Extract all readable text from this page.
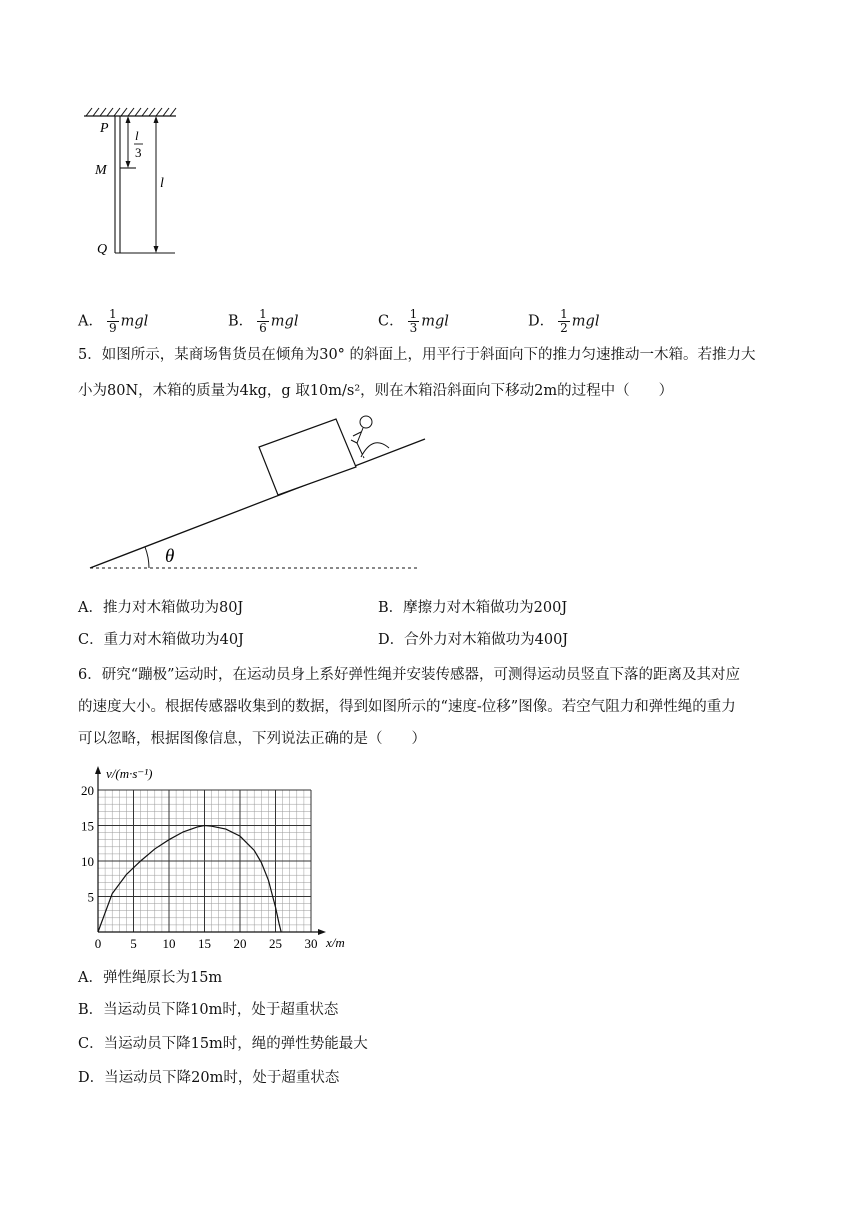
P
M
Q
l
3
l
A． $\frac{1}{9}$ mgl	B． $\frac{1}{6}$ mgl	C． $\frac{1}{3}$ mgl	D． $\frac{1}{2}$ mgl
5．如图所示，某商场售货员在倾角为30° 的斜面上，用平行于斜面向下的推力匀速推动一木箱。若推力大
小为80N，木箱的质量为4kg，g 取10m/s²，则在木箱沿斜面向下移动2m的过程中（　　）
θ
A．推力对木箱做功为80J	B．摩擦力对木箱做功为200J
C．重力对木箱做功为40J	D．合外力对木箱做功为400J
6．研究“蹦极”运动时，在运动员身上系好弹性绳并安装传感器，可测得运动员竖直下落的距离及其对应
的速度大小。根据传感器收集到的数据，得到如图所示的“速度-位移”图像。若空气阻力和弹性绳的重力
可以忽略，根据图像信息，下列说法正确的是（　　）
0 5 10 15 20 25 30
5
10
15
20
v/(m·s⁻¹)
x/m
A．弹性绳原长为15m
B．当运动员下降10m时，处于超重状态
C．当运动员下降15m时，绳的弹性势能最大
D．当运动员下降20m时，处于超重状态
